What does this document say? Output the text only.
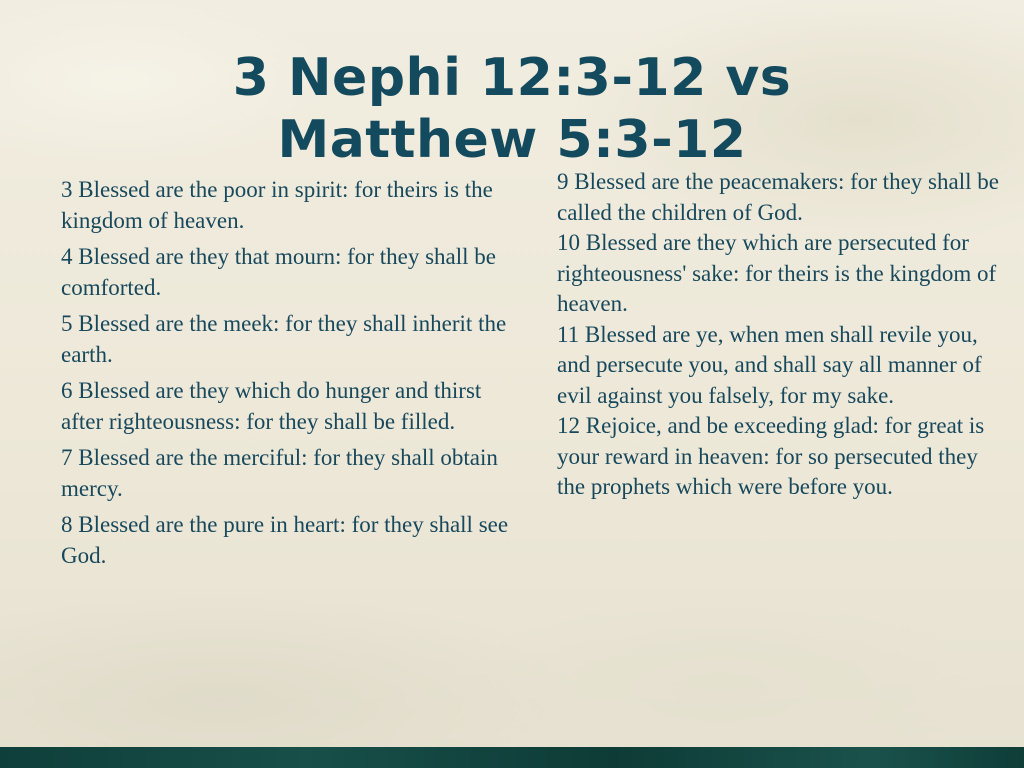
3 Nephi 12:3-12 vs
Matthew 5:3-12

3 Blessed are the poor in spirit: for theirs is the kingdom of heaven.

4 Blessed are they that mourn: for they shall be comforted.

5 Blessed are the meek: for they shall inherit the earth.

6 Blessed are they which do hunger and thirst after righteousness: for they shall be filled.

7 Blessed are the merciful: for they shall obtain mercy.

8 Blessed are the pure in heart: for they shall see God.

9 Blessed are the peacemakers: for they shall be called the children of God.

10 Blessed are they which are persecuted for righteousness' sake: for theirs is the kingdom of heaven.

11 Blessed are ye, when men shall revile you, and persecute you, and shall say all manner of evil against you falsely, for my sake.

12 Rejoice, and be exceeding glad: for great is your reward in heaven: for so persecuted they the prophets which were before you.
